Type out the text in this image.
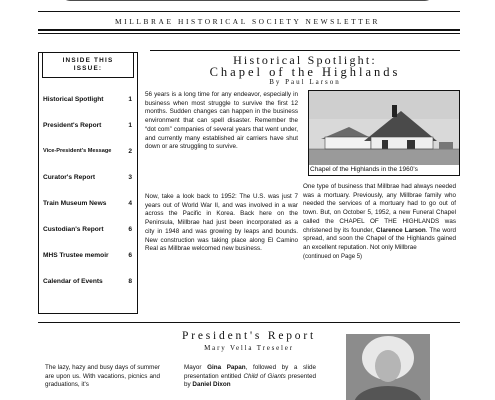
MILLBRAE HISTORICAL SOCIETY NEWSLETTER
INSIDE THIS
ISSUE:
Historical Spotlight	1
President's Report	1
Vice-President's Message	2
Curator's Report	3
Train Museum News	4
Custodian's Report	6
MHS Trustee memoir	6
Calendar of Events	8
Historical Spotlight:
Chapel of the Highlands
By Paul Larson
56 years is a long time for any endeavor, especially in business when most struggle to survive the first 12 months. Sudden changes can happen in the business environment that can spell disaster. Remember the “dot com” companies of several years that went under, and currently many established air carriers have shut down or are struggling to survive.
Now, take a look back to 1952: The U.S. was just 7 years out of World War II, and was involved in a war across the Pacific in Korea. Back here on the Peninsula, Millbrae had just been incorporated as a city in 1948 and was growing by leaps and bounds. New construction was taking place along El Camino Real as Millbrae welcomed new business.
Chapel of the Highlands in the 1960's
One type of business that Millbrae had always needed was a mortuary. Previously, any Millbrae family who needed the services of a mortuary had to go out of town. But, on October 5, 1952, a new Funeral Chapel called the CHAPEL OF THE HIGHLANDS was christened by its founder, Clarence Larson. The word spread, and soon the Chapel of the Highlands gained an excellent reputation. Not only Millbrae
(continued on Page 5)
President's Report
Mary Vella Treseler
The lazy, hazy and busy days of summer are upon us. With vacations, picnics and graduations, it's
Mayor Gina Papan, followed by a slide presentation entitled Child of Giants presented by Daniel Dixon
